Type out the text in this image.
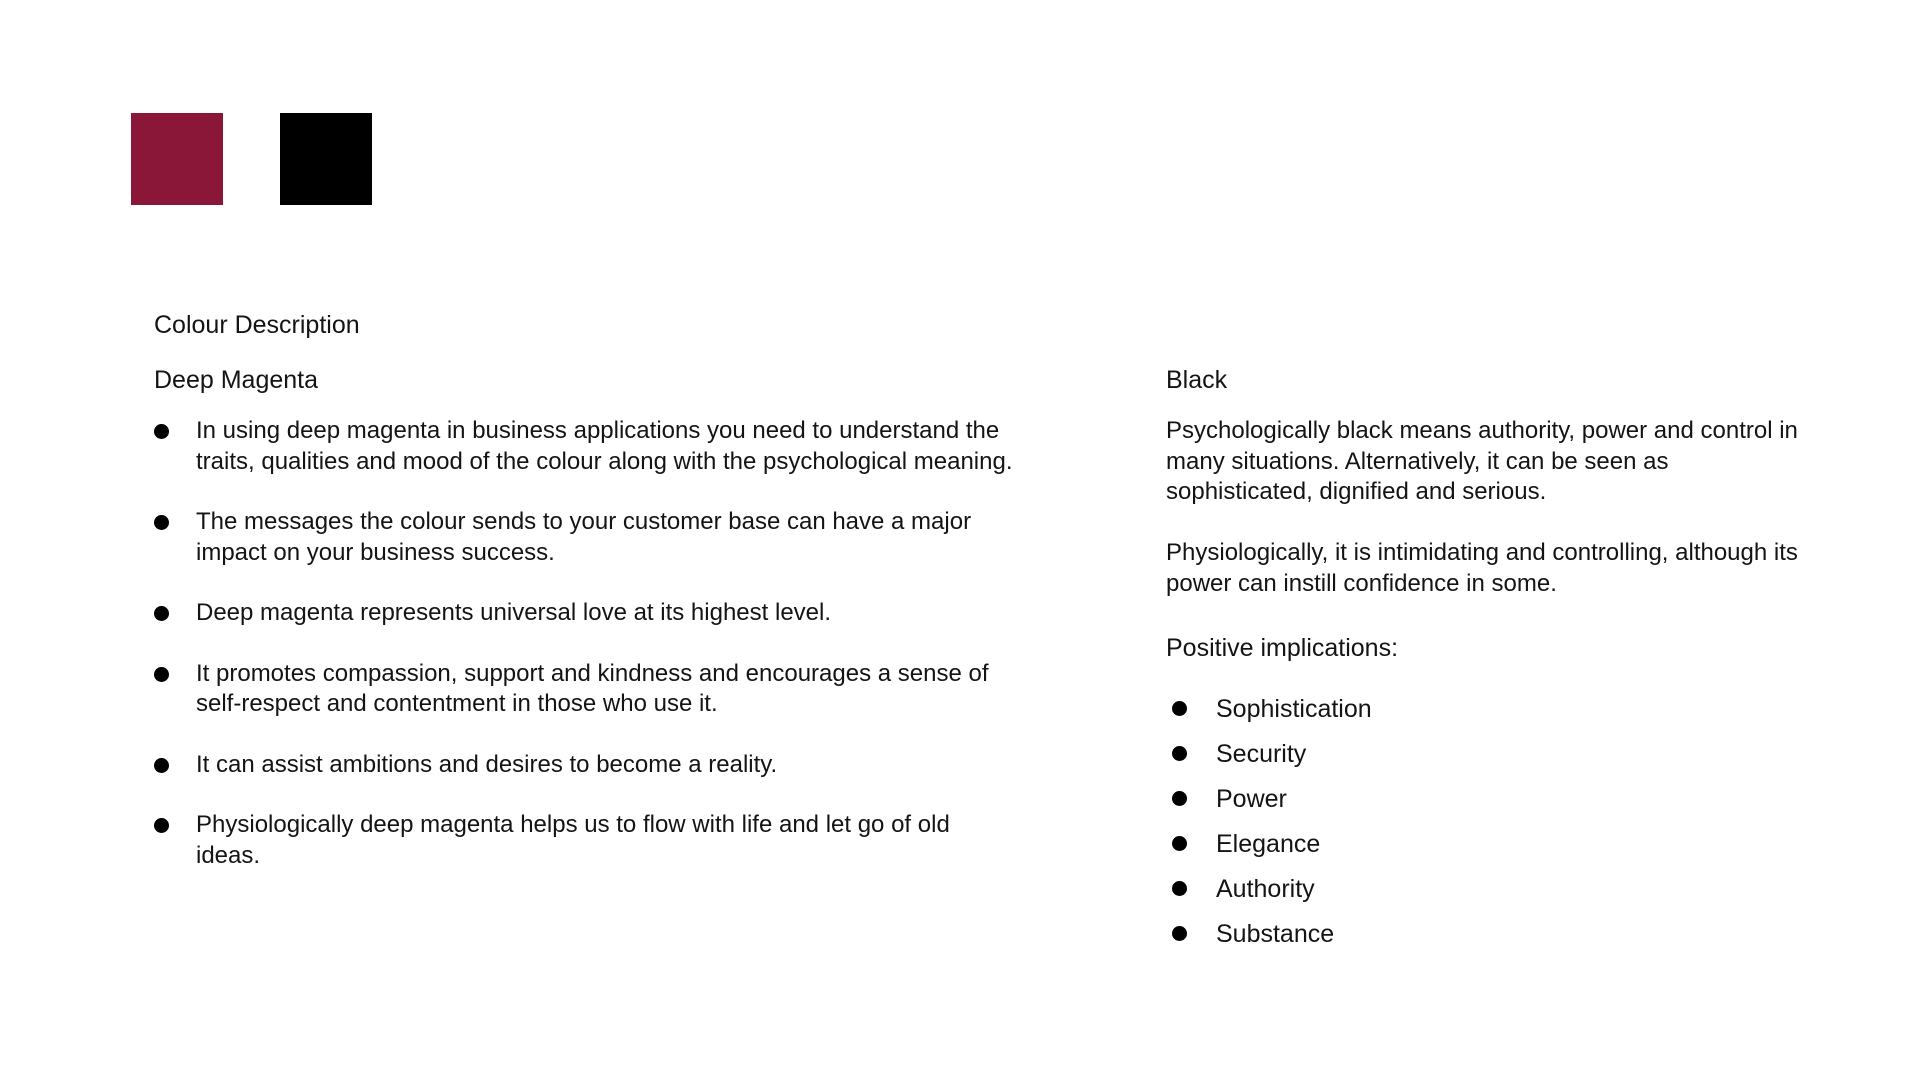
Colour Description
Deep Magenta
In using deep magenta in business applications you need to understand the traits, qualities and mood of the colour along with the psychological meaning.
The messages the colour sends to your customer base can have a major impact on your business success.
Deep magenta represents universal love at its highest level.
It promotes compassion, support and kindness and encourages a sense of self-respect and contentment in those who use it.
It can assist ambitions and desires to become a reality.
Physiologically deep magenta helps us to flow with life and let go of old ideas.
Black

Psychologically black means authority, power and control in many situations. Alternatively, it can be seen as sophisticated, dignified and serious.

Physiologically, it is intimidating and controlling, although its power can instill confidence in some.

Positive implications:
Sophistication
Security
Power
Elegance
Authority
Substance
